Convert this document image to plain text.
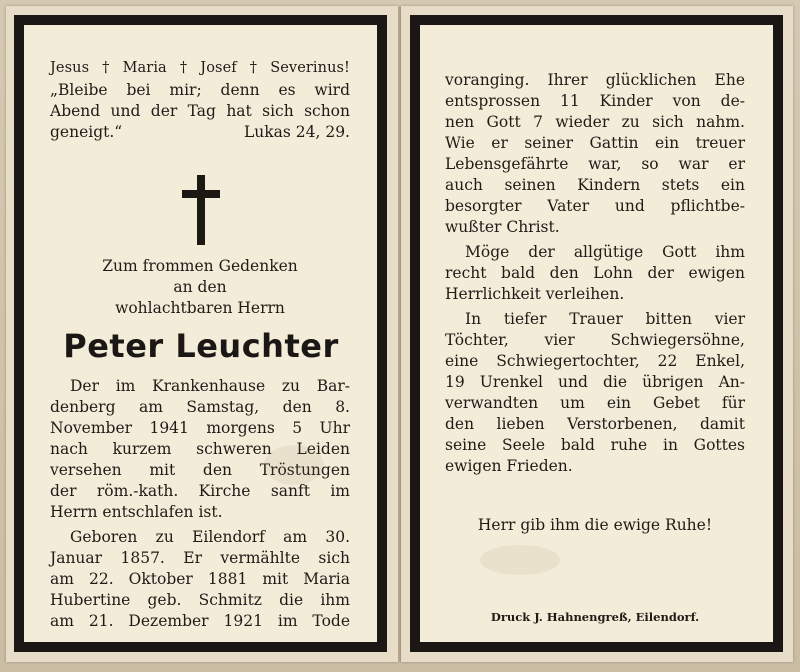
Jesus†Maria†Josef†Severinus!

„Bleibe bei mir; denn es wird

Abend und der Tag hat sich schon

geneigt.“	Lukas 24, 29.

Zum frommen Gedenken

an den

wohlachtbaren Herrn

Peter Leuchter

Der im Krankenhause zu Bar-

denberg am Samstag, den 8.

November 1941 morgens 5 Uhr

nach kurzem schweren Leiden

versehen mit den Tröstungen

der röm.-kath. Kirche sanft im

Herrn entschlafen ist.

Geboren zu Eilendorf am 30.

Januar 1857. Er vermählte sich

am 22. Oktober 1881 mit Maria

Hubertine geb. Schmitz die ihm

am 21. Dezember 1921 im Tode

voranging. Ihrer glücklichen Ehe

entsprossen 11 Kinder von de-

nen Gott 7 wieder zu sich nahm.

Wie er seiner Gattin ein treuer

Lebensgefährte war, so war er

auch seinen Kindern stets ein

besorgter Vater und pflichtbe-

wußter Christ.

Möge der allgütige Gott ihm

recht bald den Lohn der ewigen

Herrlichkeit verleihen.

In tiefer Trauer bitten vier

Töchter, vier Schwiegersöhne,

eine Schwiegertochter, 22 Enkel,

19 Urenkel und die übrigen An-

verwandten um ein Gebet für

den lieben Verstorbenen, damit

seine Seele bald ruhe in Gottes

ewigen Frieden.

Herr gib ihm die ewige Ruhe!

Druck J. Hahnengreß, Eilendorf.
